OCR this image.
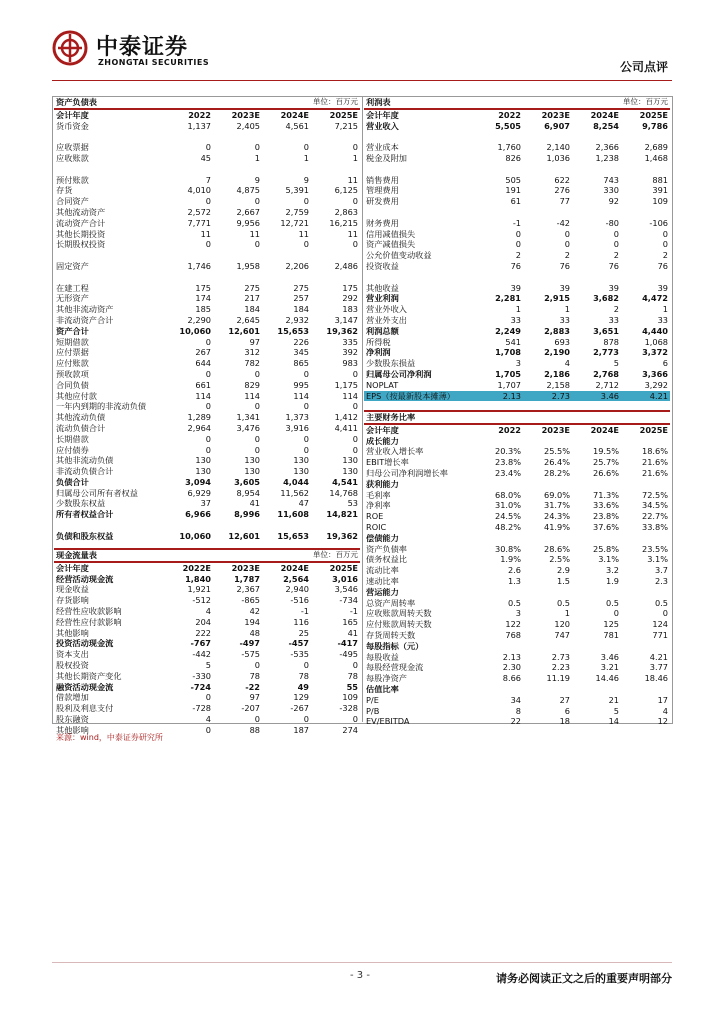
中泰证券
ZHONGTAI SECURITIES	公司点评
资产负债表		单位：百万元		
会计年度	2022	2023E	2024E	2025E
货币资金	1,137	2,405	4,561	7,215

应收票据	0	0	0	0
应收账款	45	1	1	1

预付账款	7	9	9	11
存货	4,010	4,875	5,391	6,125
合同资产	0	0	0	0
其他流动资产	2,572	2,667	2,759	2,863
流动资产合计	7,771	9,956	12,721	16,215
其他长期投资	11	11	11	11
长期股权投资	0	0	0	0

固定资产	1,746	1,958	2,206	2,486

在建工程	175	275	275	175
无形资产	174	217	257	292
其他非流动资产	185	184	184	183
非流动资产合计	2,290	2,645	2,932	3,147
资产合计	10,060	12,601	15,653	19,362
短期借款	0	97	226	335
应付票据	267	312	345	392
应付账款	644	782	865	983
预收款项	0	0	0	0
合同负债	661	829	995	1,175
其他应付款	114	114	114	114
一年内到期的非流动负债	0	0	0	0
其他流动负债	1,289	1,341	1,373	1,412
流动负债合计	2,964	3,476	3,916	4,411
长期借款	0	0	0	0
应付债券	0	0	0	0
其他非流动负债	130	130	130	130
非流动负债合计	130	130	130	130
负债合计	3,094	3,605	4,044	4,541
归属母公司所有者权益	6,929	8,954	11,562	14,768
少数股东权益	37	41	47	53
所有者权益合计	6,966	8,996	11,608	14,821

负债和股东权益	10,060	12,601	15,653	19,362
现金流量表		单位：百万元		
会计年度	2022E	2023E	2024E	2025E
经营活动现金流	1,840	1,787	2,564	3,016
现金收益	1,921	2,367	2,940	3,546
存货影响	-512	-865	-516	-734
经营性应收款影响	4	42	-1	-1
经营性应付款影响	204	194	116	165
其他影响	222	48	25	41
投资活动现金流	-767	-497	-457	-417
资本支出	-442	-575	-535	-495
股权投资	5	0	0	0
其他长期资产变化	-330	78	78	78
融资活动现金流	-724	-22	49	55
借款增加	0	97	129	109
股利及利息支付	-728	-207	-267	-328
股东融资	4	0	0	0
其他影响	0	88	187	274
利润表		单位：百万元		
会计年度	2022	2023E	2024E	2025E
营业收入	5,505	6,907	8,254	9,786

营业成本	1,760	2,140	2,366	2,689
税金及附加	826	1,036	1,238	1,468

销售费用	505	622	743	881
管理费用	191	276	330	391
研发费用	61	77	92	109

财务费用	-1	-42	-80	-106
信用减值损失	0	0	0	0
资产减值损失	0	0	0	0
公允价值变动收益	2	2	2	2
投资收益	76	76	76	76

其他收益	39	39	39	39
营业利润	2,281	2,915	3,682	4,472
营业外收入	1	1	2	1
营业外支出	33	33	33	33
利润总额	2,249	2,883	3,651	4,440
所得税	541	693	878	1,068
净利润	1,708	2,190	2,773	3,372
少数股东损益	3	4	5	6
归属母公司净利润	1,705	2,186	2,768	3,366
NOPLAT	1,707	2,158	2,712	3,292
EPS（按最新股本摊薄）	2.13	2.73	3.46	4.21
主要财务比率				
会计年度	2022	2023E	2024E	2025E
成长能力				
营业收入增长率	20.3%	25.5%	19.5%	18.6%
EBIT增长率	23.8%	26.4%	25.7%	21.6%
归母公司净利润增长率	23.4%	28.2%	26.6%	21.6%
获利能力				
毛利率	68.0%	69.0%	71.3%	72.5%
净利率	31.0%	31.7%	33.6%	34.5%
ROE	24.5%	24.3%	23.8%	22.7%
ROIC	48.2%	41.9%	37.6%	33.8%
偿债能力				
资产负债率	30.8%	28.6%	25.8%	23.5%
债务权益比	1.9%	2.5%	3.1%	3.1%
流动比率	2.6	2.9	3.2	3.7
速动比率	1.3	1.5	1.9	2.3
营运能力				
总资产周转率	0.5	0.5	0.5	0.5
应收账款周转天数	3	1	0	0
应付账款周转天数	122	120	125	124
存货周转天数	768	747	781	771
每股指标（元）				
每股收益	2.13	2.73	3.46	4.21
每股经营现金流	2.30	2.23	3.21	3.77
每股净资产	8.66	11.19	14.46	18.46
估值比率				
P/E	34	27	21	17
P/B	8	6	5	4
EV/EBITDA	22	18	14	12
来源：wind，中泰证券研究所
- 3 -	请务必阅读正文之后的重要声明部分
